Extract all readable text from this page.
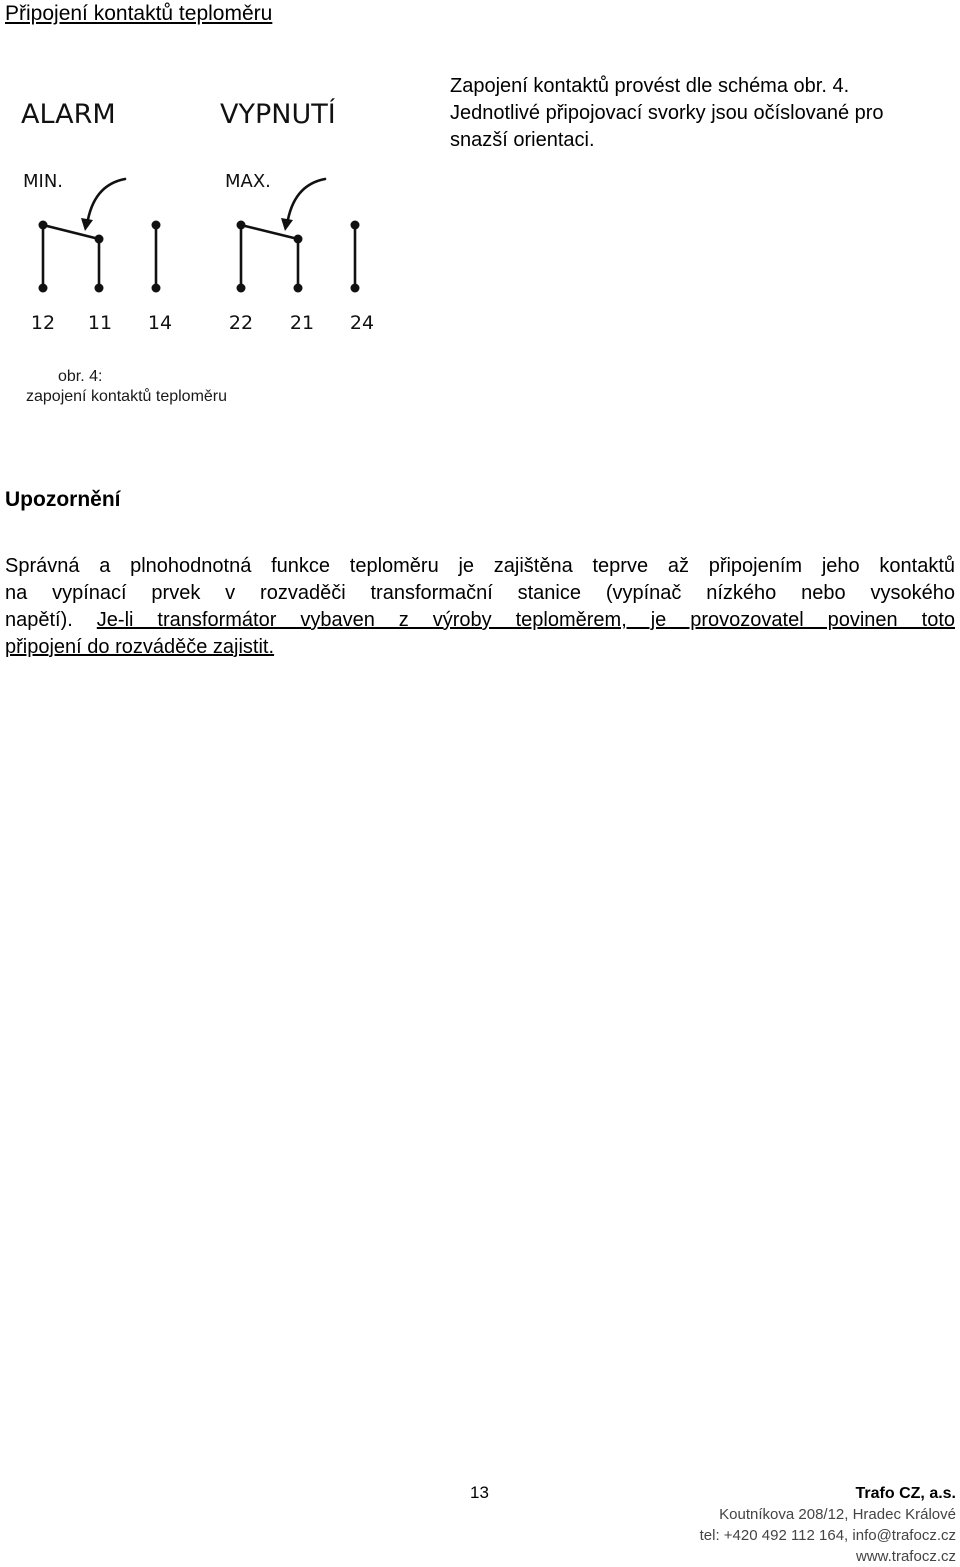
Připojení kontaktů teploměru
ALARM	VYPNUTÍ
MIN.	MAX.
12 11 14	22 21 24
Zapojení kontaktů provést dle schéma obr. 4.
Jednotlivé připojovací svorky jsou očíslované pro
snazší orientaci.
obr. 4:
zapojení kontaktů teploměru
Upozornění
Správná a plnohodnotná funkce teploměru je zajištěna teprve až připojením jeho kontaktů
na vypínací prvek v rozvaděči transformační stanice (vypínač nízkého nebo vysokého
napětí). Je-li transformátor vybaven z výroby teploměrem, je provozovatel povinen toto
připojení do rozváděče zajistit.
13	Trafo CZ, a.s.
Koutníkova 208/12, Hradec Králové
tel: +420 492 112 164, info@trafocz.cz
www.trafocz.cz
